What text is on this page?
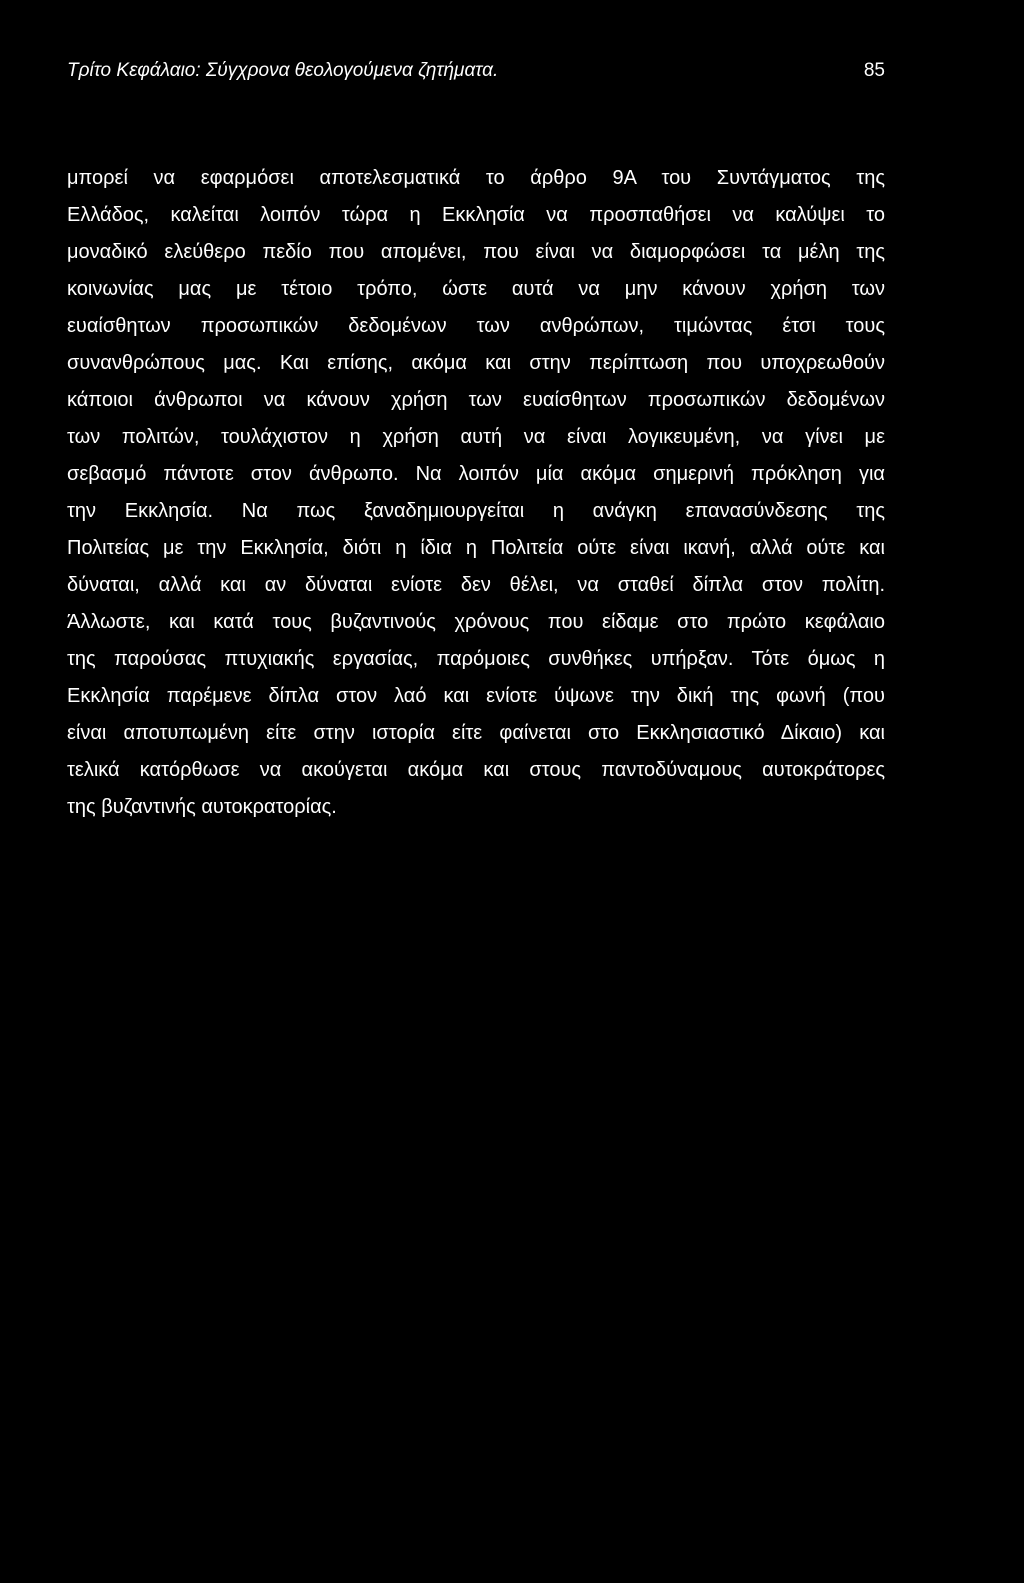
Τρίτο Κεφάλαιο: Σύγχρονα θεολογούμενα ζητήματα.	85
μπορεί να εφαρμόσει αποτελεσματικά το άρθρο 9Α του Συντάγματος της
Ελλάδος, καλείται λοιπόν τώρα η Εκκλησία να προσπαθήσει να καλύψει το
μοναδικό ελεύθερο πεδίο που απομένει, που είναι να διαμορφώσει τα μέλη της
κοινωνίας μας με τέτοιο τρόπο, ώστε αυτά να μην κάνουν χρήση των
ευαίσθητων προσωπικών δεδομένων των ανθρώπων, τιμώντας έτσι τους
συνανθρώπους μας. Και επίσης, ακόμα και στην περίπτωση που υποχρεωθούν
κάποιοι άνθρωποι να κάνουν χρήση των ευαίσθητων προσωπικών δεδομένων
των πολιτών, τουλάχιστον η χρήση αυτή να είναι λογικευμένη, να γίνει με
σεβασμό πάντοτε στον άνθρωπο. Να λοιπόν μία ακόμα σημερινή πρόκληση για
την Εκκλησία. Να πως ξαναδημιουργείται η ανάγκη επανασύνδεσης της
Πολιτείας με την Εκκλησία, διότι η ίδια η Πολιτεία ούτε είναι ικανή, αλλά ούτε και
δύναται, αλλά και αν δύναται ενίοτε δεν θέλει, να σταθεί δίπλα στον πολίτη.
Άλλωστε, και κατά τους βυζαντινούς χρόνους που είδαμε στο πρώτο κεφάλαιο
της παρούσας πτυχιακής εργασίας, παρόμοιες συνθήκες υπήρξαν. Τότε όμως η
Εκκλησία παρέμενε δίπλα στον λαό και ενίοτε ύψωνε την δική της φωνή (που
είναι αποτυπωμένη είτε στην ιστορία είτε φαίνεται στο Εκκλησιαστικό Δίκαιο) και
τελικά κατόρθωσε να ακούγεται ακόμα και στους παντοδύναμους αυτοκράτορες
της βυζαντινής αυτοκρατορίας.
